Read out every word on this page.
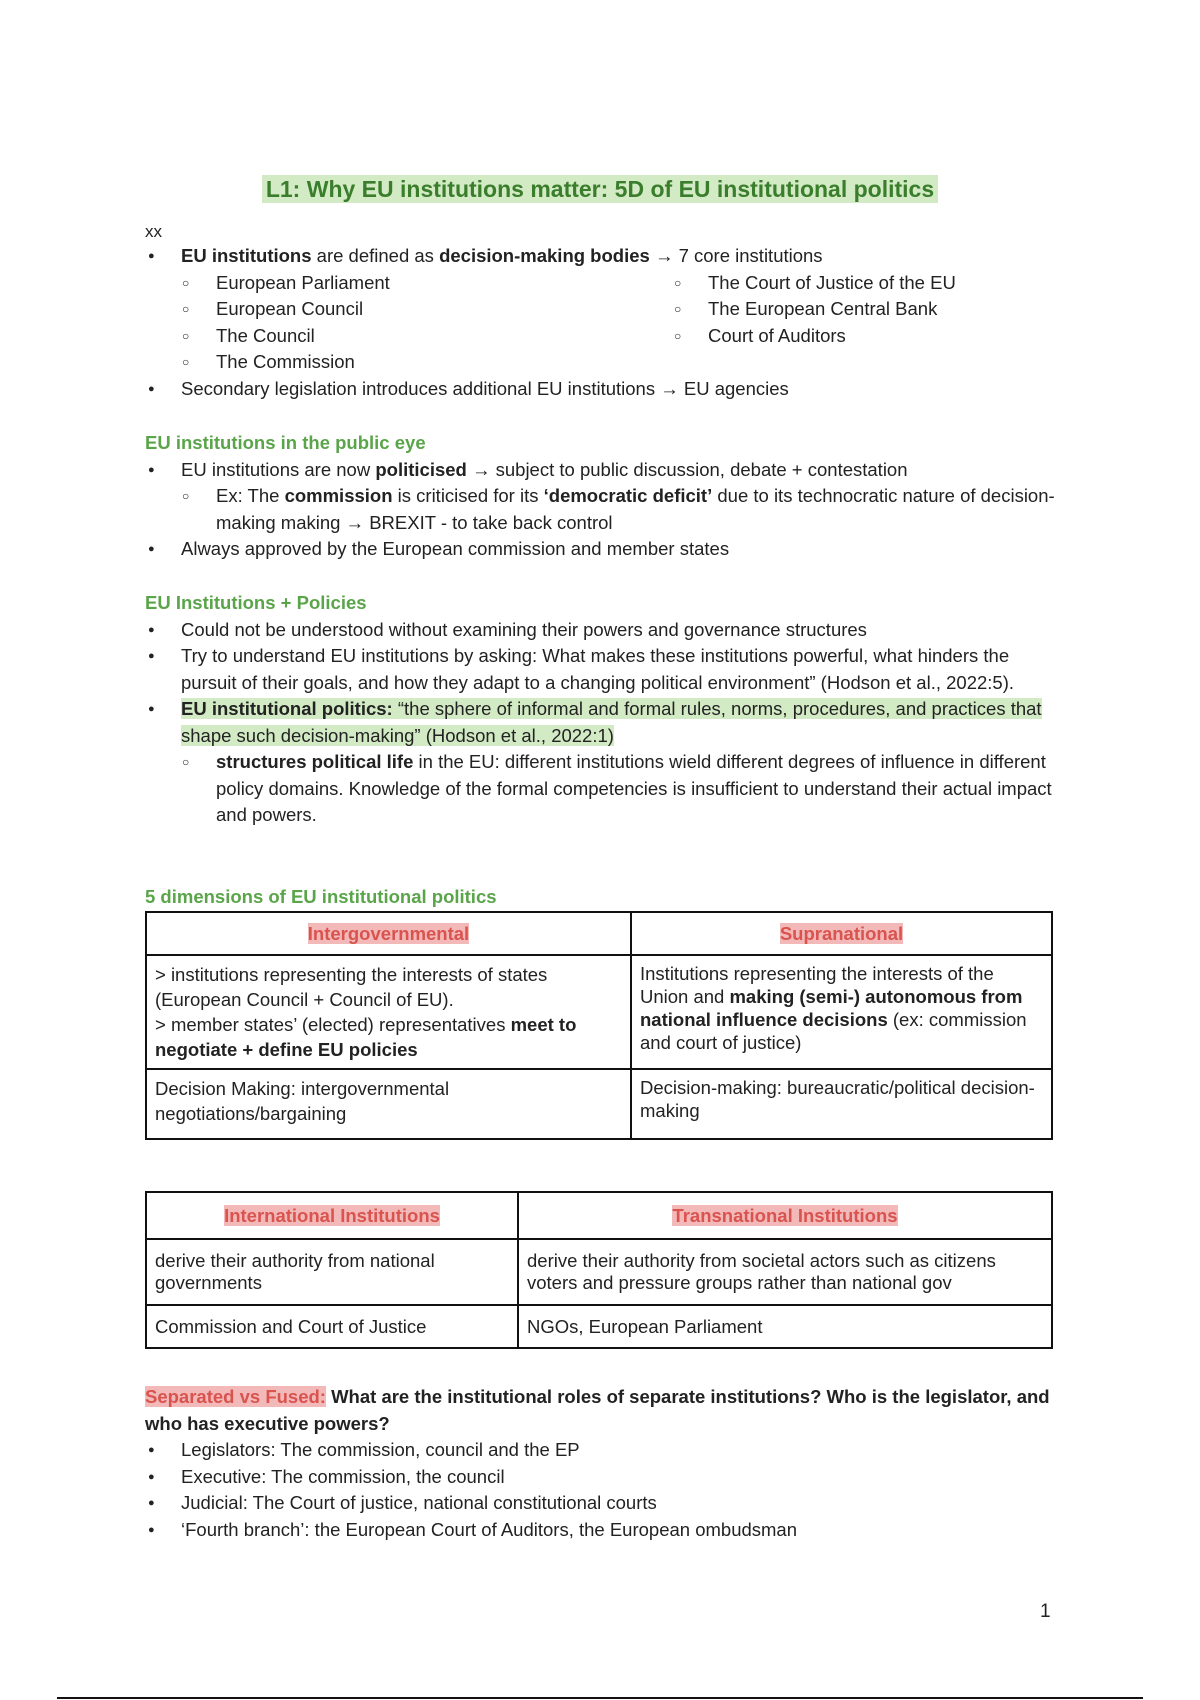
L1: Why EU institutions matter: 5D of EU institutional politics
xx
● EU institutions are defined as decision-making bodies → 7 core institutions
○ European Parliament
○ European Council
○ The Council
○ The Commission
○ The Court of Justice of the EU
○ The European Central Bank
○ Court of Auditors
● Secondary legislation introduces additional EU institutions → EU agencies
EU institutions in the public eye
● EU institutions are now politicised → subject to public discussion, debate + contestation
○ Ex: The commission is criticised for its ‘democratic deficit’ due to its technocratic nature of decision-making making → BREXIT - to take back control
● Always approved by the European commission and member states
EU Institutions + Policies
● Could not be understood without examining their powers and governance structures
● Try to understand EU institutions by asking: What makes these institutions powerful, what hinders the pursuit of their goals, and how they adapt to a changing political environment” (Hodson et al., 2022:5).
● EU institutional politics: “the sphere of informal and formal rules, norms, procedures, and practices that shape such decision-making” (Hodson et al., 2022:1)
○ structures political life in the EU: different institutions wield different degrees of influence in different policy domains. Knowledge of the formal competencies is insufficient to understand their actual impact and powers.
5 dimensions of EU institutional politics
Intergovernmental	Supranational

> institutions representing the interests of states (European Council + Council of EU).
> member states’ (elected) representatives meet to negotiate + define EU policies	Institutions representing the interests of the Union and making (semi-) autonomous from national influence decisions (ex: commission and court of justice)
Decision Making: intergovernmental negotiations/bargaining	Decision-making: bureaucratic/political decision-making
International Institutions	Transnational Institutions
derive their authority from national governments	derive their authority from societal actors such as citizens voters and pressure groups rather than national gov
Commission and Court of Justice	NGOs, European Parliament
Separated vs Fused: What are the institutional roles of separate institutions? Who is the legislator, and who has executive powers?
● Legislators: The commission, council and the EP
● Executive: The commission, the council
● Judicial: The Court of justice, national constitutional courts
● ‘Fourth branch’: the European Court of Auditors, the European ombudsman
1
